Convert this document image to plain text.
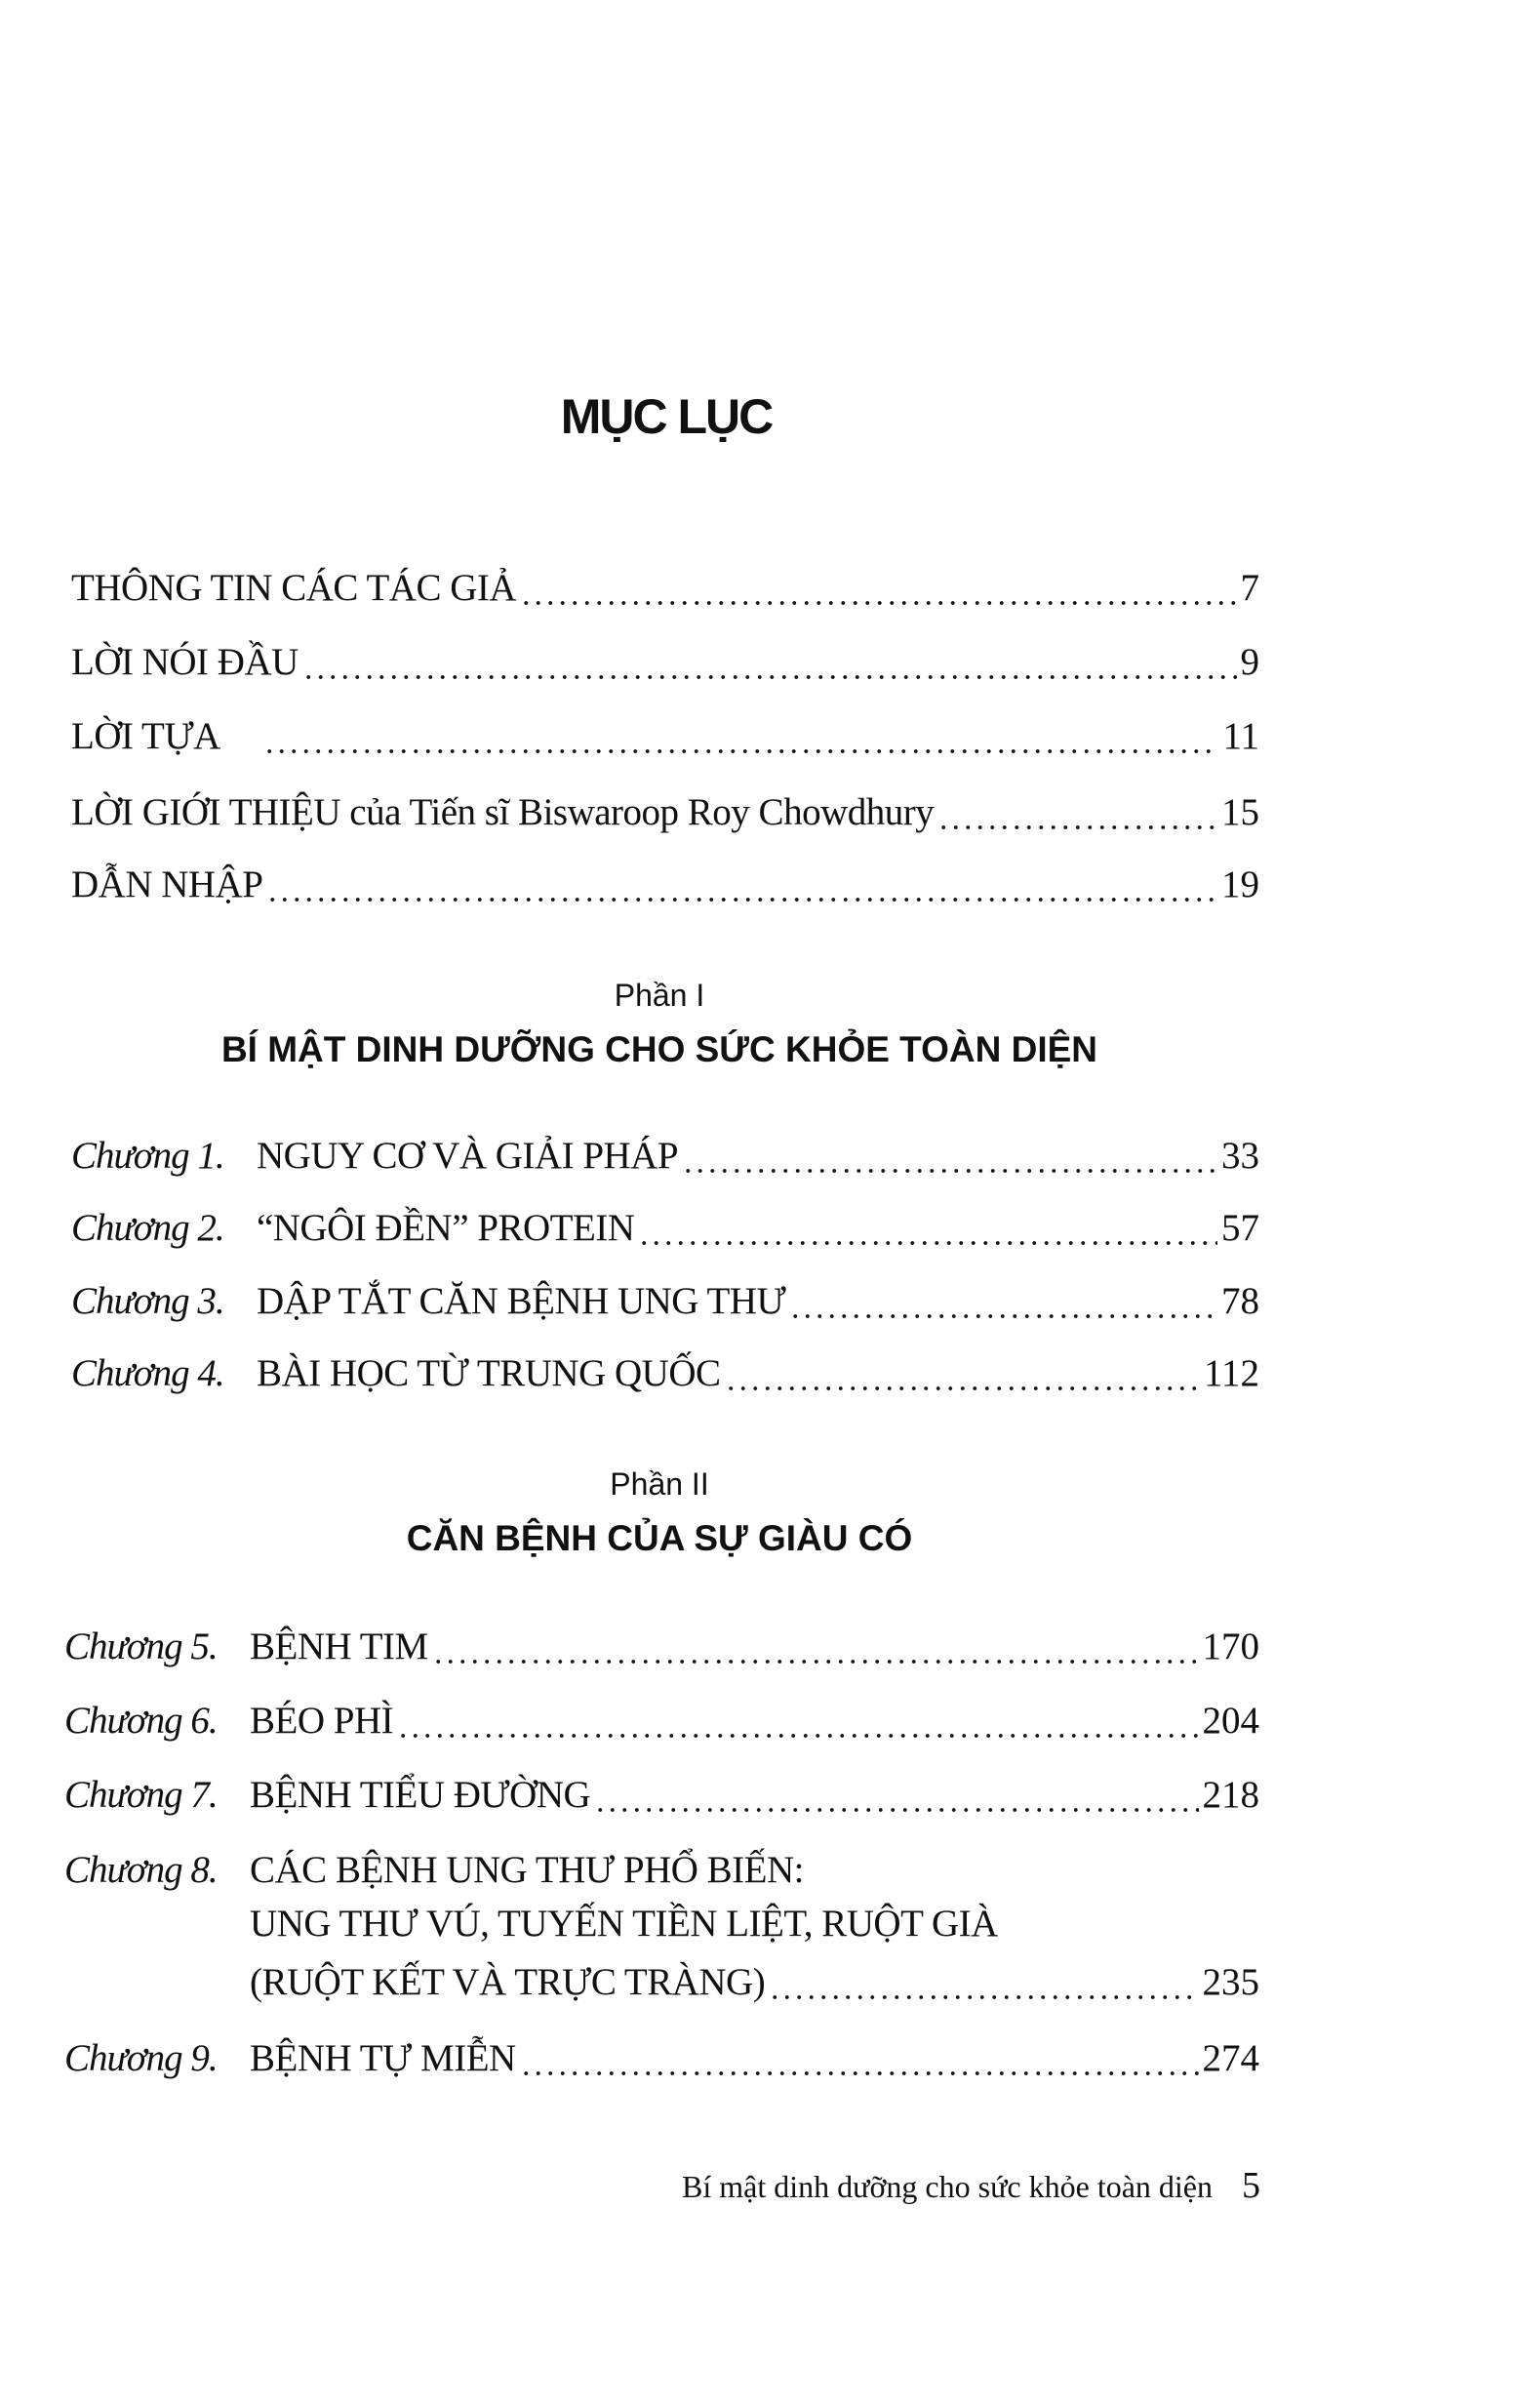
MỤC LỤC
THÔNG TIN CÁC TÁC GIẢ	7
LỜI NÓI ĐẦU	9
LỜI TỰA	11
LỜI GIỚI THIỆU của Tiến sĩ Biswaroop Roy Chowdhury	15
DẪN NHẬP	19
Phần I
BÍ MẬT DINH DƯỠNG CHO SỨC KHỎE TOÀN DIỆN
Chương 1. NGUY CƠ VÀ GIẢI PHÁP	33
Chương 2. “NGÔI ĐỀN” PROTEIN	57
Chương 3. DẬP TẮT CĂN BỆNH UNG THƯ	78
Chương 4. BÀI HỌC TỪ TRUNG QUỐC	112
Phần II
CĂN BỆNH CỦA SỰ GIÀU CÓ
Chương 5. BỆNH TIM	170
Chương 6. BÉO PHÌ	204
Chương 7. BỆNH TIỂU ĐƯỜNG	218
Chương 8. CÁC BỆNH UNG THƯ PHỔ BIẾN:
UNG THƯ VÚ, TUYẾN TIỀN LIỆT, RUỘT GIÀ
(RUỘT KẾT VÀ TRỰC TRÀNG)	235
Chương 9. BỆNH TỰ MIỄN	274
Bí mật dinh dưỡng cho sức khỏe toàn diện 5
